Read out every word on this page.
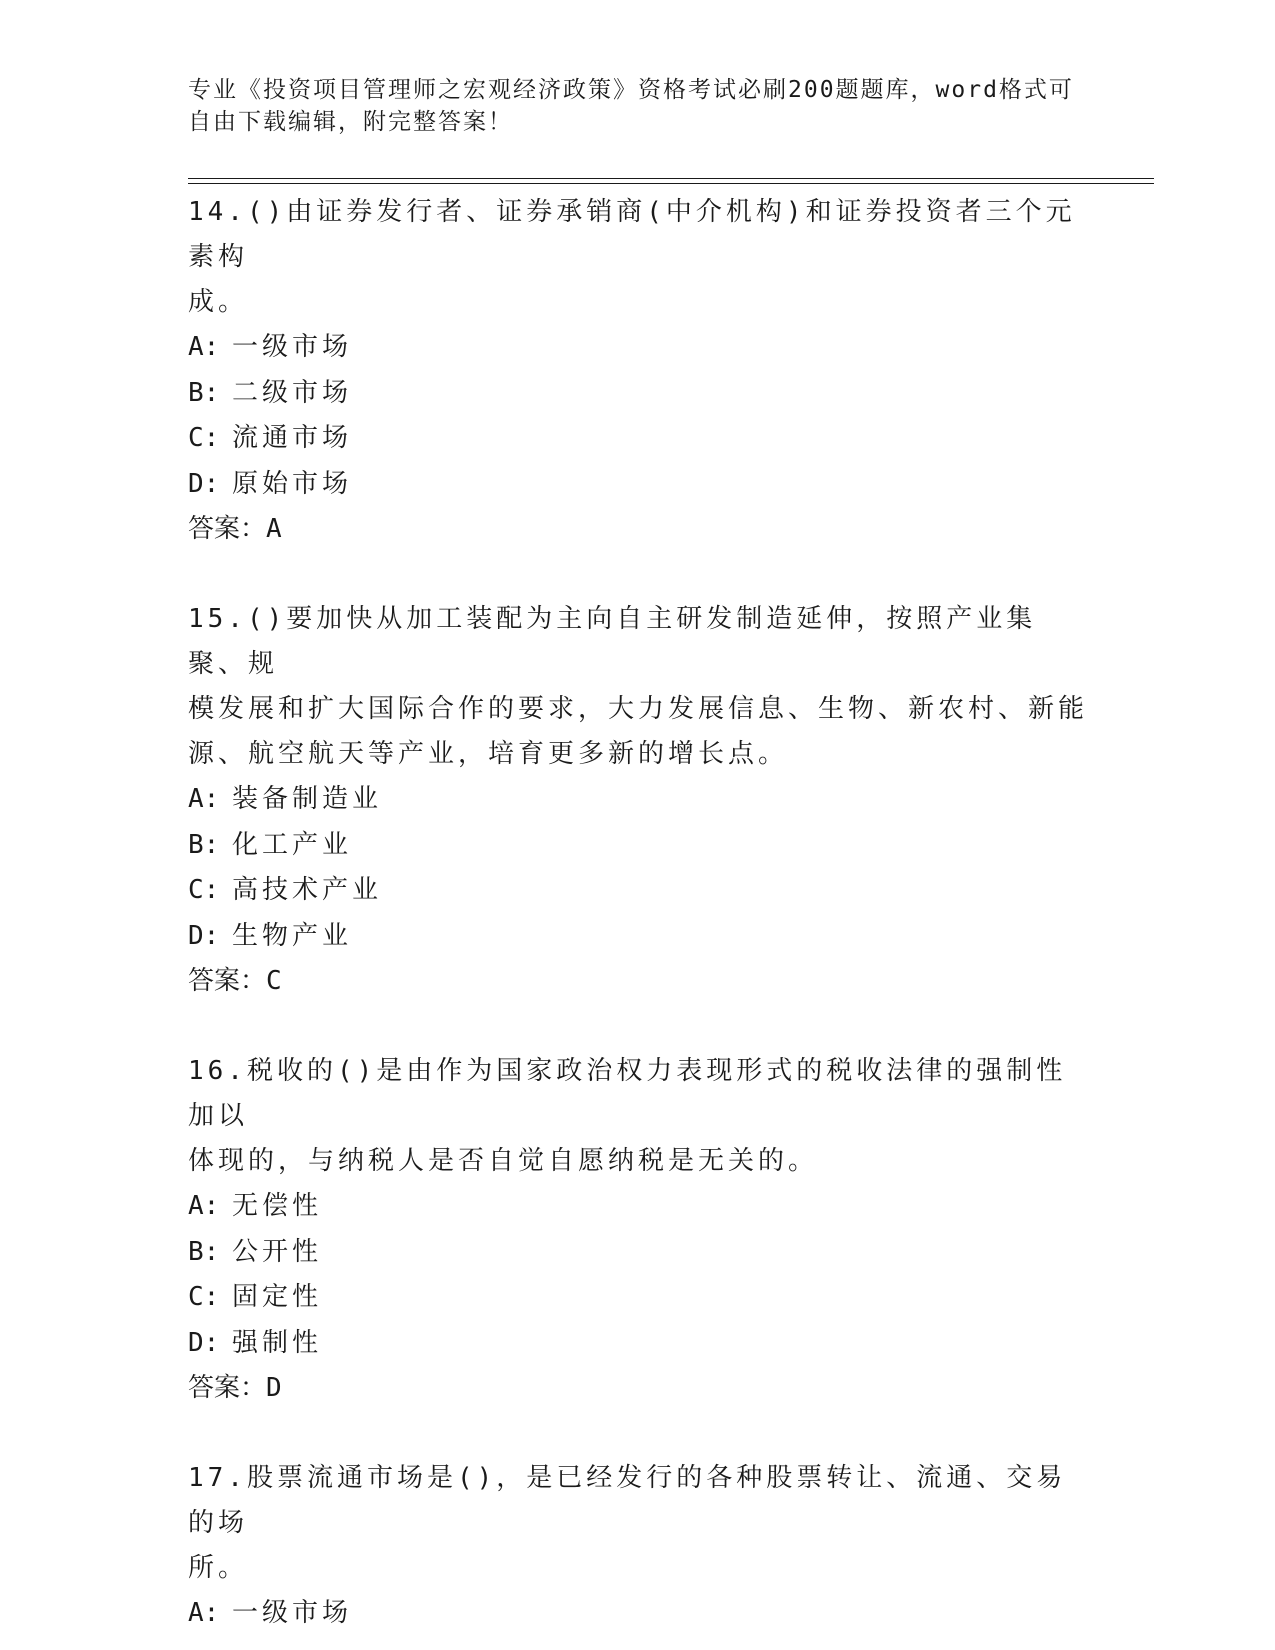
专业《投资项目管理师之宏观经济政策》资格考试必刷200题题库，word格式可
自由下载编辑，附完整答案！
14.()由证券发行者、证券承销商(中介机构)和证券投资者三个元素构
成。
A: 一级市场
B: 二级市场
C: 流通市场
D: 原始市场
答案：A
15.()要加快从加工装配为主向自主研发制造延伸，按照产业集聚、规
模发展和扩大国际合作的要求，大力发展信息、生物、新农村、新能
源、航空航天等产业，培育更多新的增长点。
A: 装备制造业
B: 化工产业
C: 高技术产业
D: 生物产业
答案：C
16.税收的()是由作为国家政治权力表现形式的税收法律的强制性加以
体现的，与纳税人是否自觉自愿纳税是无关的。
A: 无偿性
B: 公开性
C: 固定性
D: 强制性
答案：D
17.股票流通市场是()，是已经发行的各种股票转让、流通、交易的场
所。
A: 一级市场
